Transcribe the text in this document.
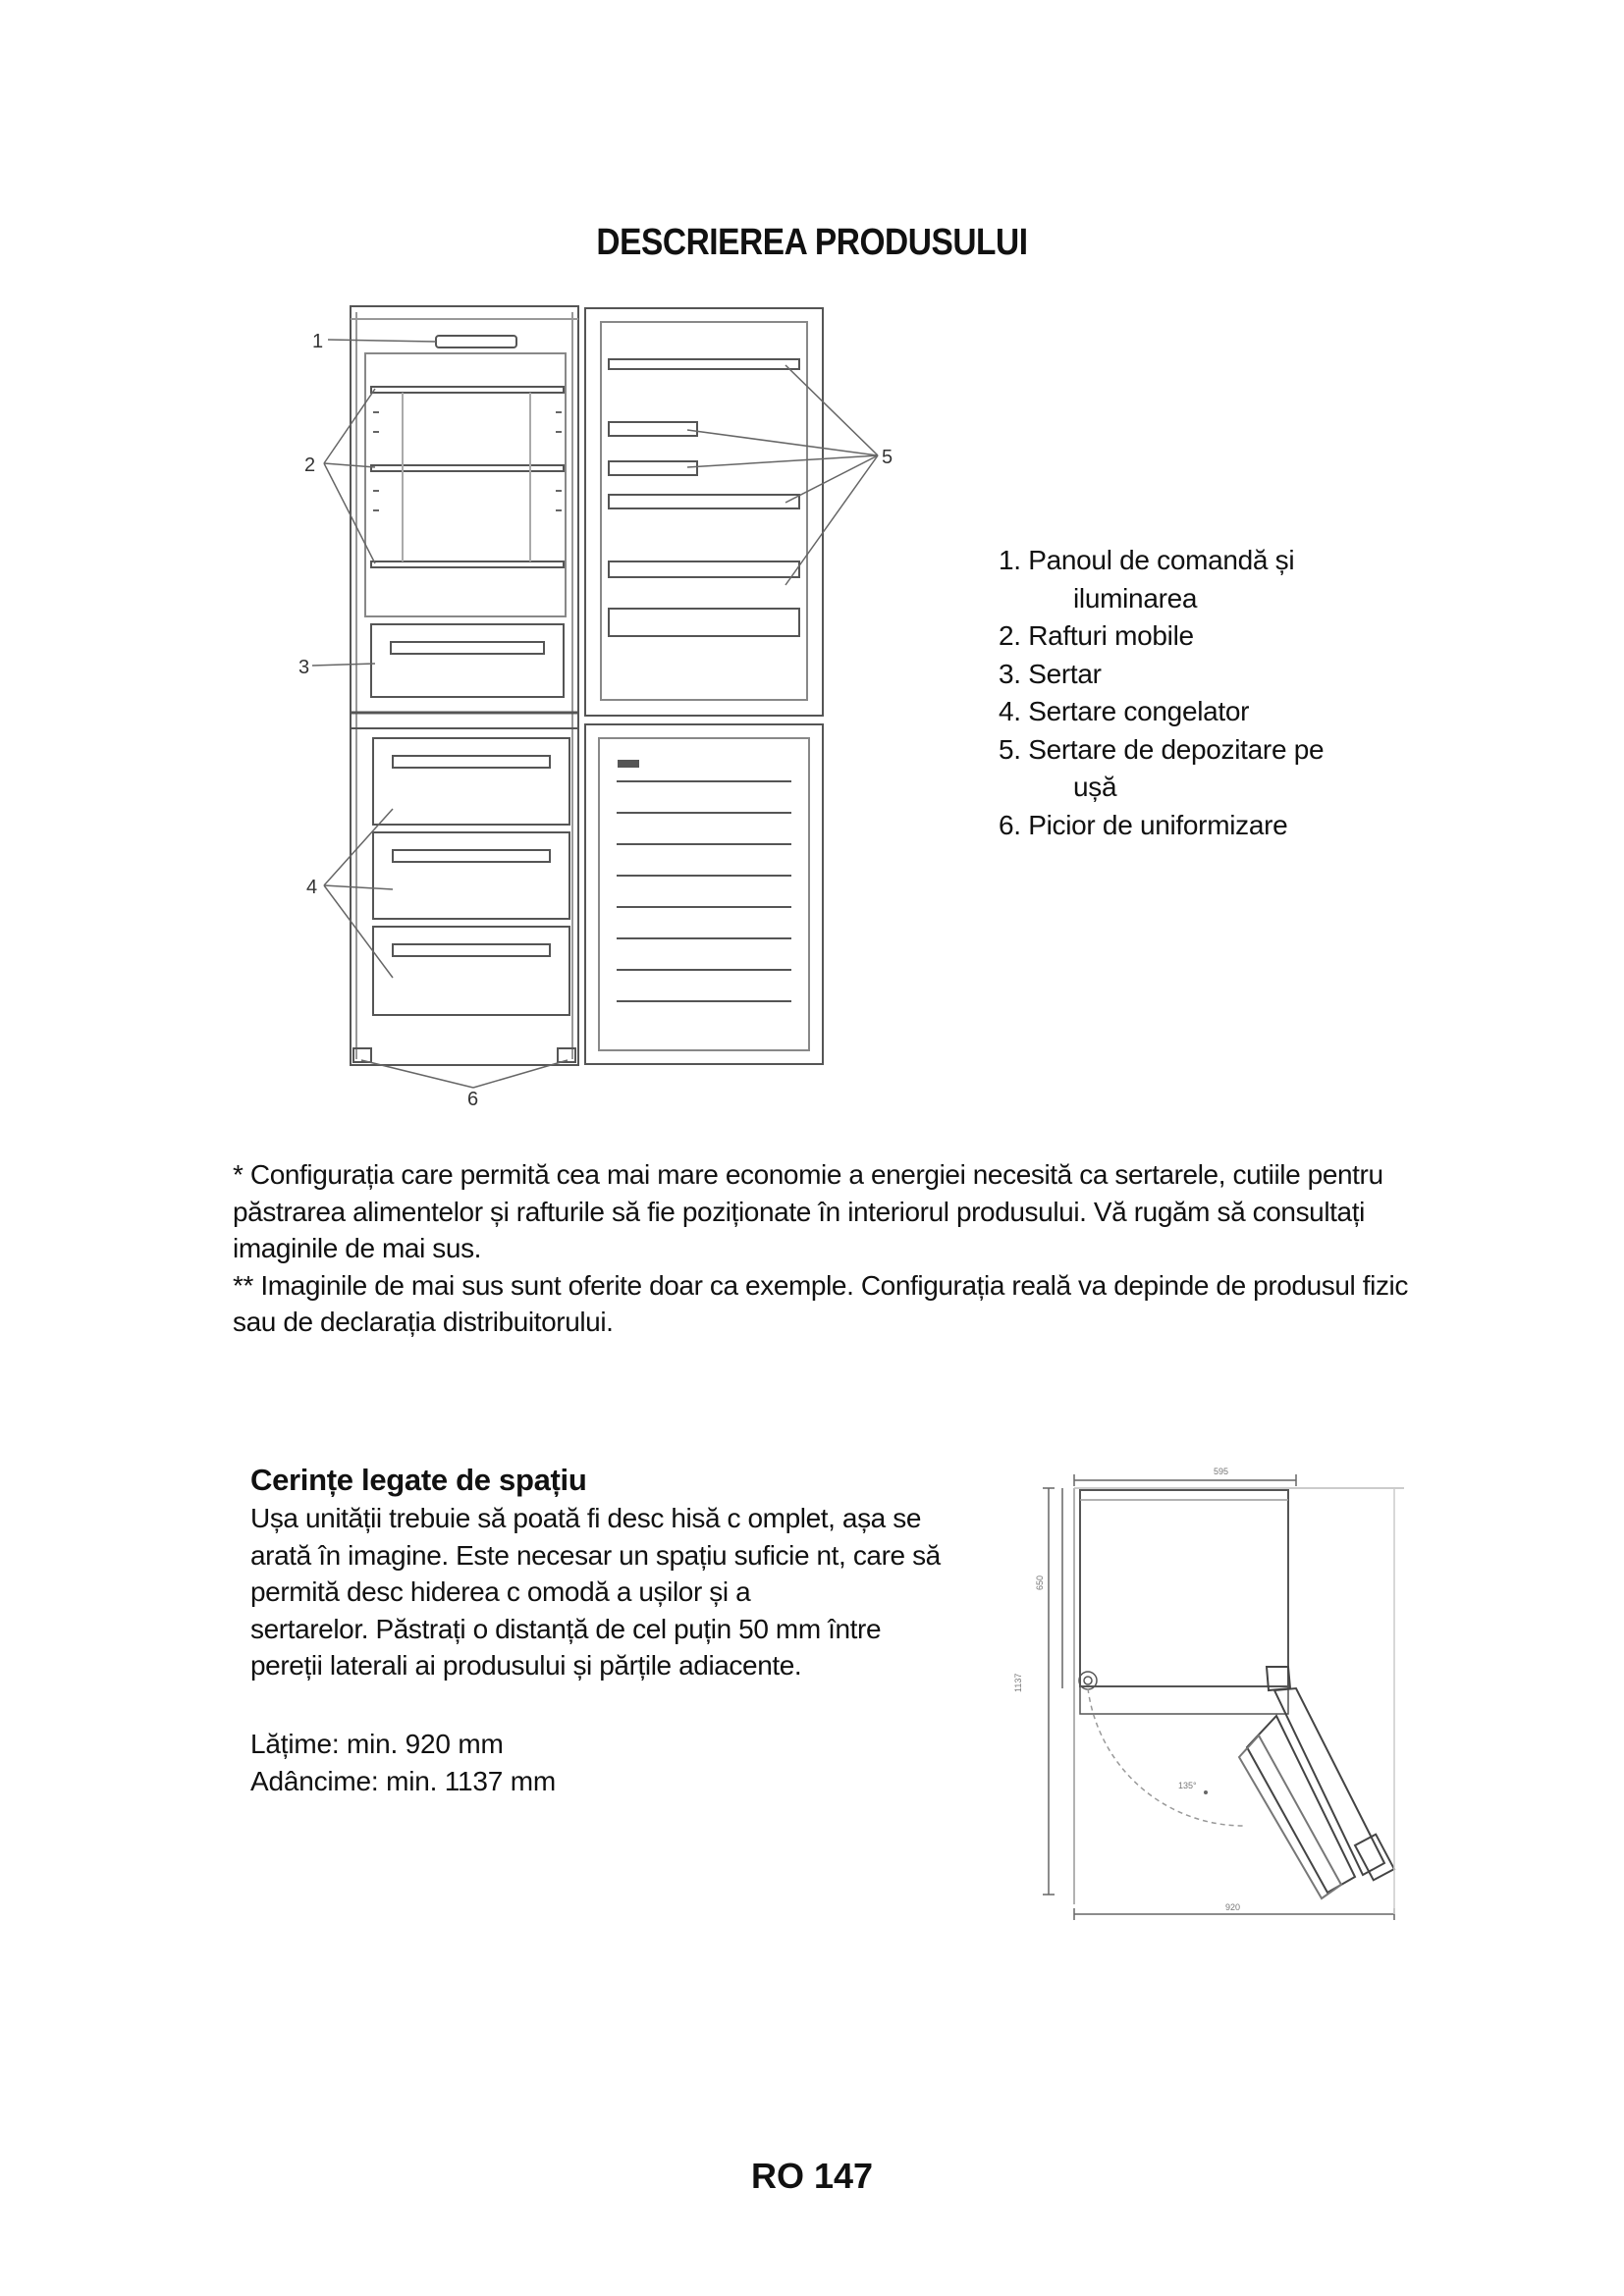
DESCRIEREA PRODUSULUI
1
2
3
4
5
6
1. Panoul de comandă și
iluminarea
2. Rafturi mobile
3. Sertar
4. Sertare congelator
5. Sertare de depozitare pe
ușă
6. Picior de uniformizare

* Configurația care permită cea mai mare economie a energiei necesită ca sertarele, cutiile pentru păstrarea alimentelor și rafturile să fie poziționate în interiorul produsului. Vă rugăm să consultați imaginile de mai sus.

** Imaginile de mai sus sunt oferite doar ca exemple. Configurația reală va depinde de produsul fizic sau de declarația distribuitorului.

Cerințe legate de spațiu

Ușa unității trebuie să poată fi desc hisă c omplet, așa se

arată în imagine. Este necesar un spațiu suficie nt, care să

permită desc hiderea c omodă a ușilor și a

sertarelor. Păstrați o distanță de cel puțin 50 mm între

pereții laterali ai produsului și părțile adiacente.

Lățime: min. 920 mm
Adâncime: min. 1137 mm
595
1137
650
135°
920
RO 147
